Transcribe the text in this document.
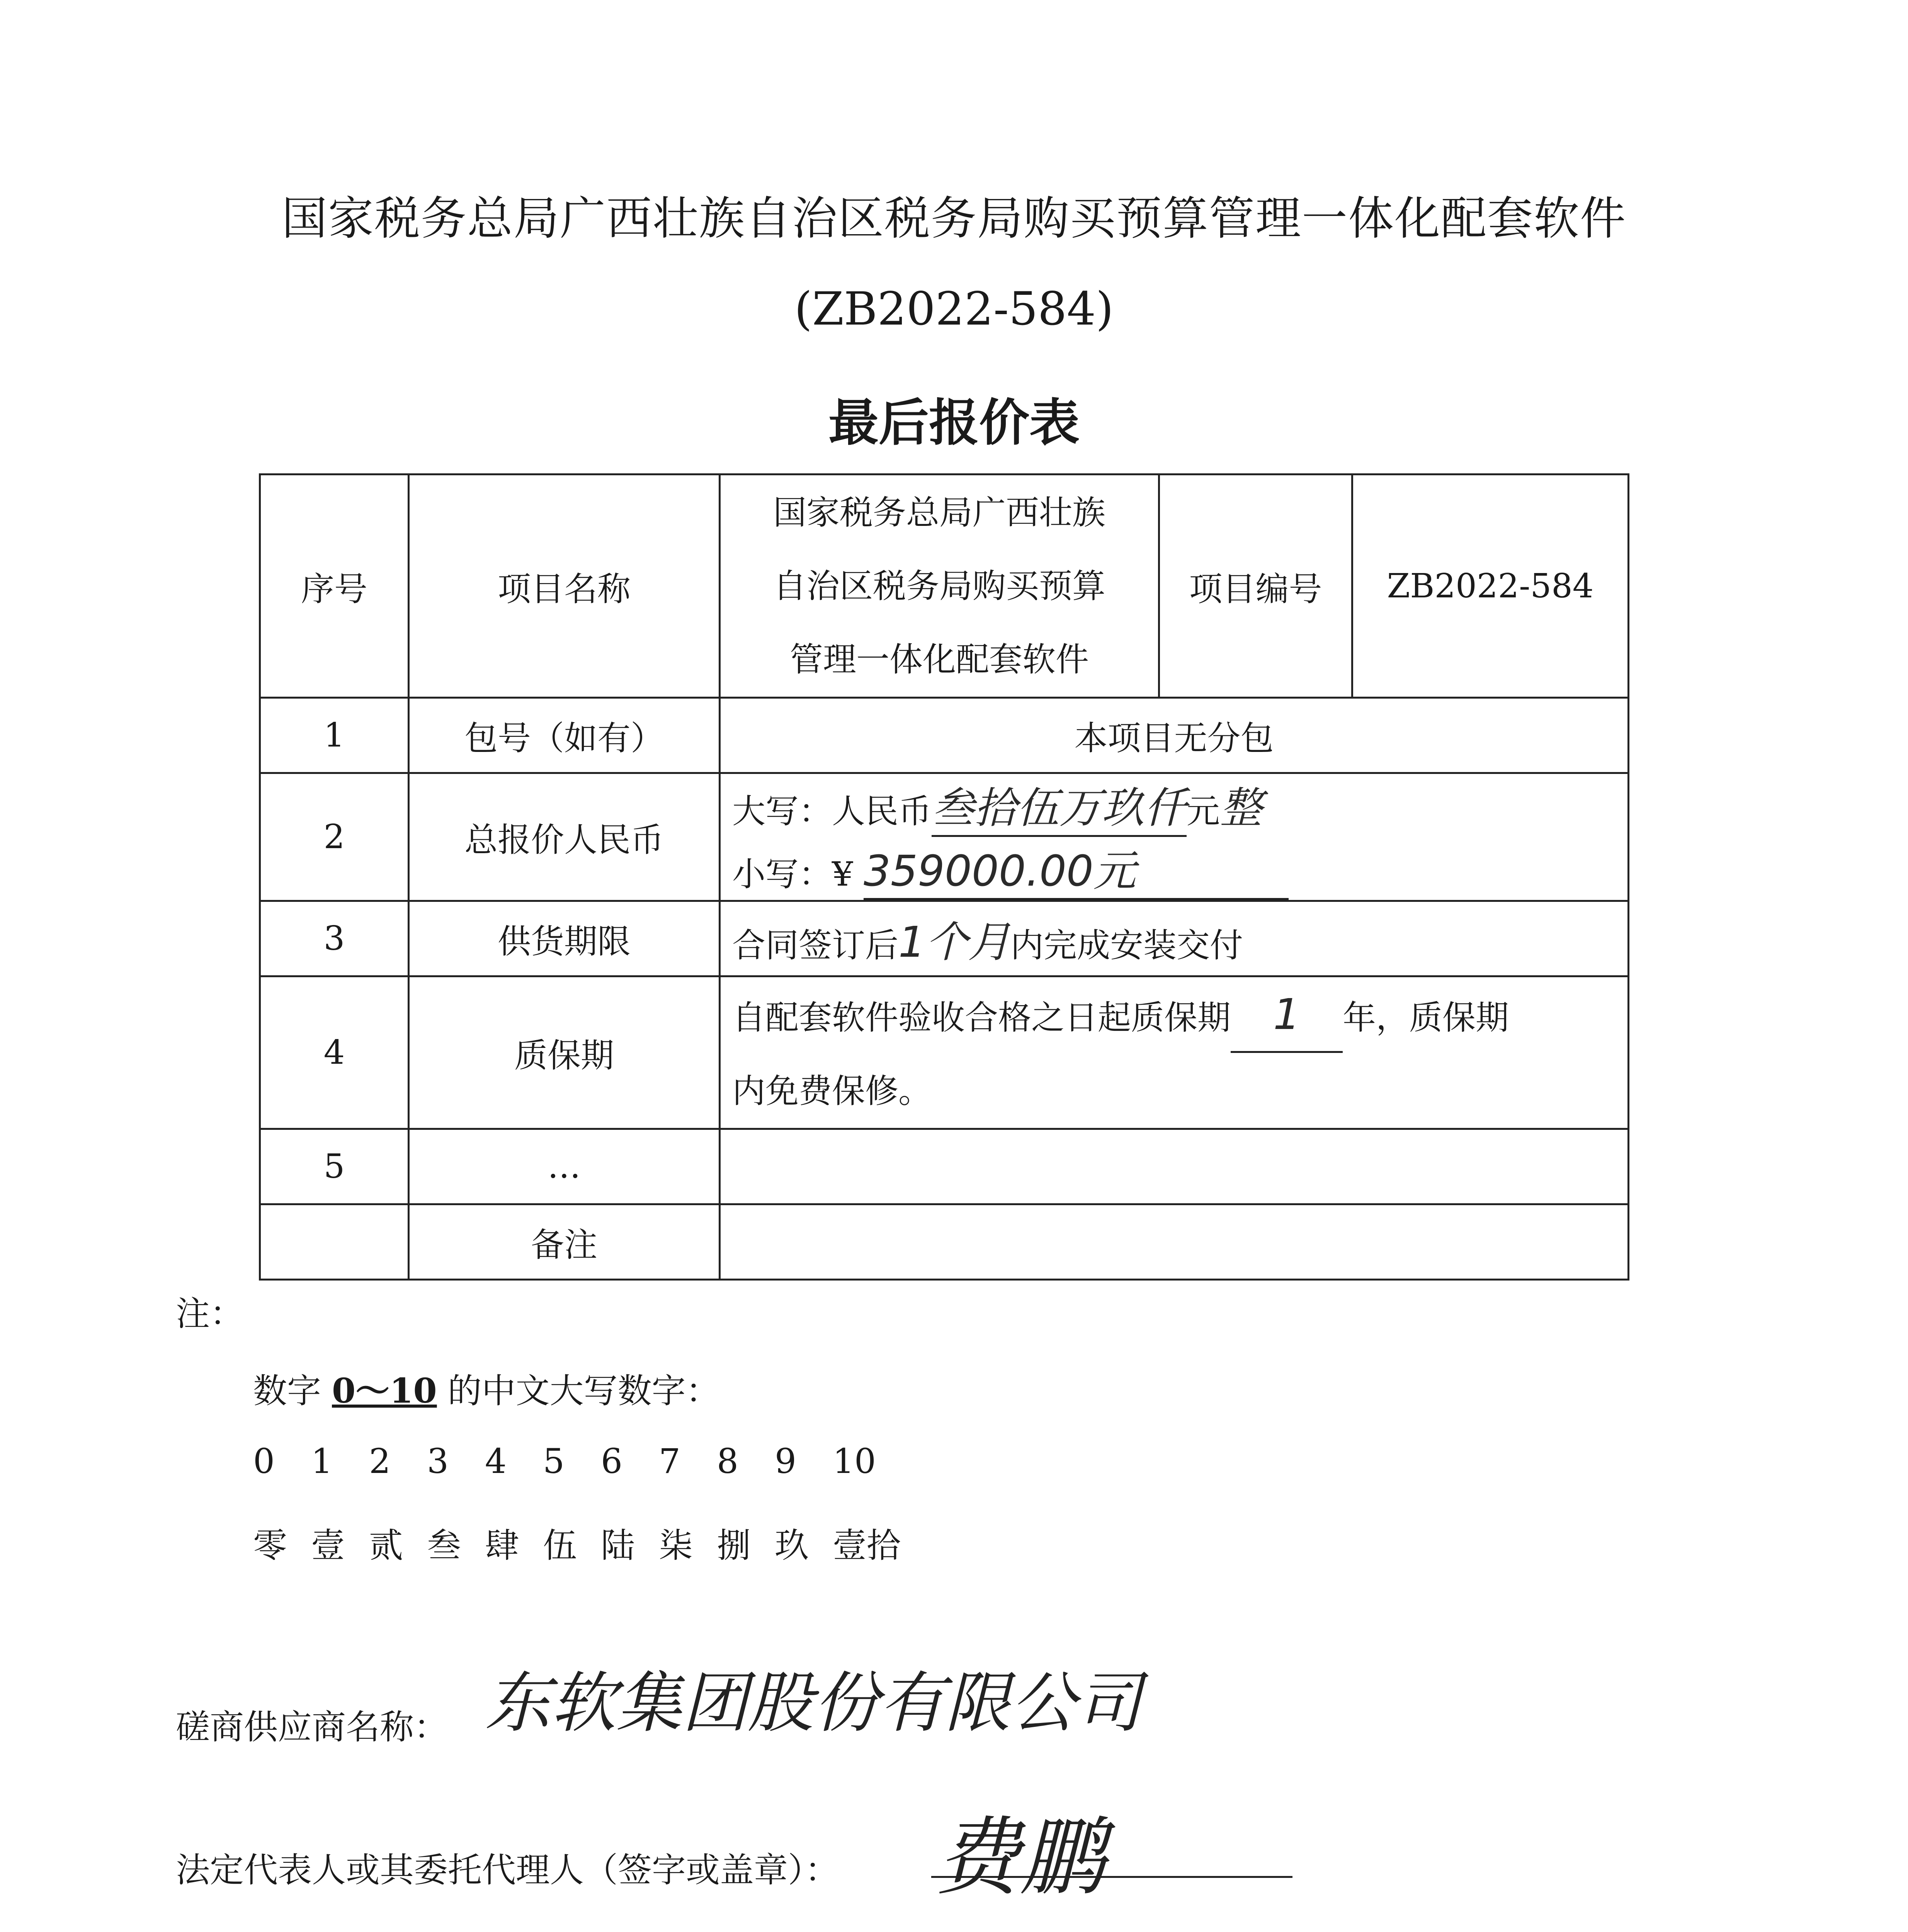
国家税务总局广西壮族自治区税务局购买预算管理一体化配套软件
(ZB2022-584)
最后报价表
序号	项目名称	国家税务总局广西壮族
自治区税务局购买预算
管理一体化配套软件	项目编号	ZB2022-584
1	包号（如有）	本项目无分包		
2	总报价人民币	大写：人民币叁拾伍万玖仟元整
小写：¥ 359000.00元		

3	供货期限	合同签订后1个月内完成安装交付		
4	质保期	自配套软件验收合格之日起质保期 1 年，质保期
内免费保修。		

5	…			
	备注			
注：
数字 0～10 的中文大写数字：
0 1 2 3 4 5 6 7 8 9 10
零 壹 贰 叁 肆 伍 陆 柒 捌 玖 壹拾
磋商供应商名称： 东软集团股份有限公司
法定代表人或其委托代理人（签字或盖章）： 费鹏
